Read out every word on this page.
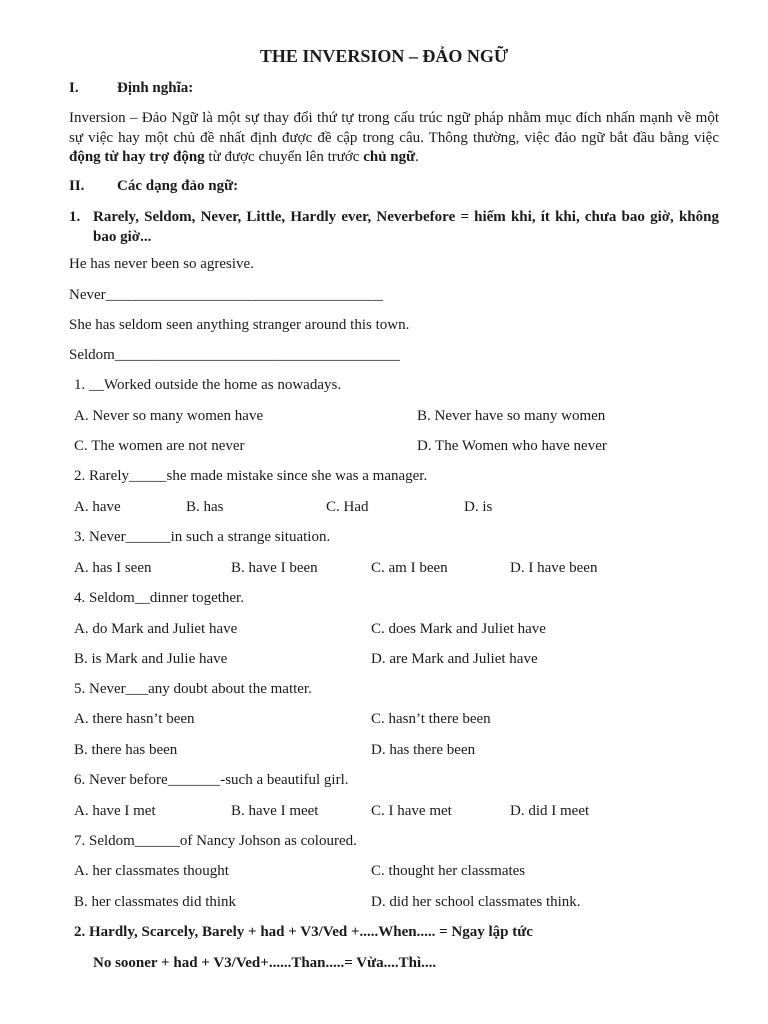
THE INVERSION – ĐẢO NGỮ
I.	Định nghĩa:
Inversion – Đảo Ngữ là một sự thay đổi thứ tự trong cấu trúc ngữ pháp nhằm mục đích nhấn mạnh về một sự việc hay một chủ đề nhất định được đề cập trong câu. Thông thường, việc đảo ngữ bắt đầu bằng việc động từ hay trợ động từ được chuyển lên trước chủ ngữ.
II. Các dạng đảo ngữ:
1. Rarely, Seldom, Never, Little, Hardly ever, Neverbefore = hiếm khi, ít khi, chưa bao giờ, không bao giờ...
He has never been so agresive.
Never_____________________________________
She has seldom seen anything stranger around this town.
Seldom______________________________________
1. __Worked outside the home as nowadays.
A. Never so many women have	B. Never have so many women
C. The women are not never	D. The Women who have never
2. Rarely_____she made mistake since she was a manager.
A. have	B. has	C. Had	D. is
3. Never______in such a strange situation.
A. has I seen	B. have I been	C. am I been	D. I have been
4. Seldom__dinner together.
A. do Mark and Juliet have	C. does Mark and Juliet have
B. is Mark and Julie have	D. are Mark and Juliet have
5. Never___any doubt about the matter.
A. there hasn’t been	C. hasn’t there been
B. there has been	D. has there been
6. Never before_______-such a beautiful girl.
A. have I met	B. have I meet	C. I have met	D. did I meet
7. Seldom______of Nancy Johson as coloured.
A. her classmates thought	C. thought her classmates
B. her classmates did think	D. did her school classmates think.
2. Hardly, Scarcely, Barely + had + V3/Ved +.....When..... = Ngay lập tức
No sooner + had + V3/Ved+......Than.....= Vừa....Thì....
